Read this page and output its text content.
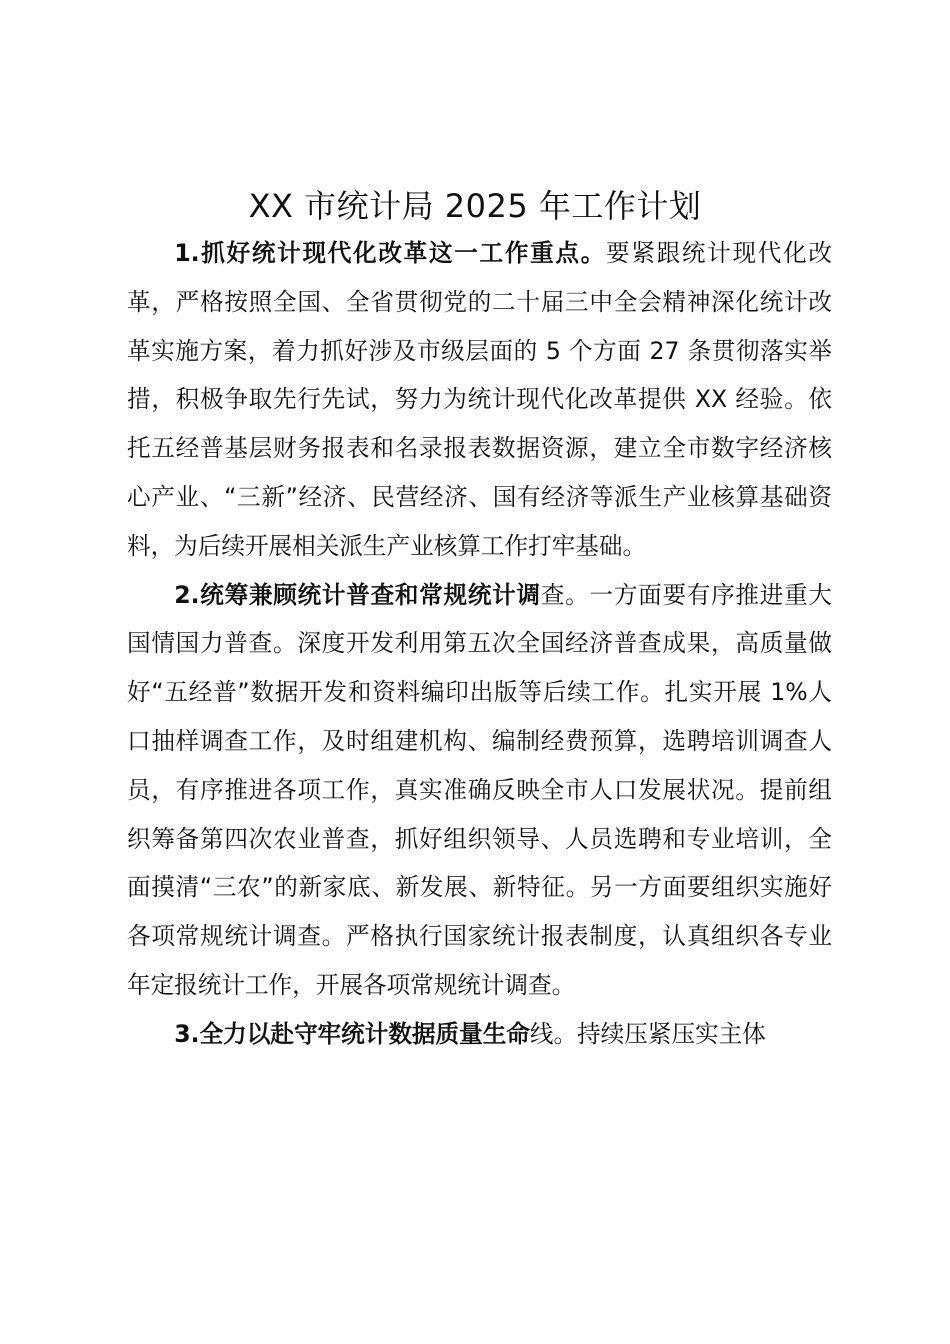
XX 市统计局 2025 年工作计划

1.抓好统计现代化改革这一工作重点。要紧跟统计现代化改革，严格按照全国、全省贯彻党的二十届三中全会精神深化统计改革实施方案，着力抓好涉及市级层面的 5 个方面 27 条贯彻落实举措，积极争取先行先试，努力为统计现代化改革提供 XX 经验。依托五经普基层财务报表和名录报表数据资源，建立全市数字经济核心产业、“三新”经济、民营经济、国有经济等派生产业核算基础资料，为后续开展相关派生产业核算工作打牢基础。

2.统筹兼顾统计普查和常规统计调查。一方面要有序推进重大国情国力普查。深度开发利用第五次全国经济普查成果，高质量做好“五经普”数据开发和资料编印出版等后续工作。扎实开展 1%人口抽样调查工作，及时组建机构、编制经费预算，选聘培训调查人员，有序推进各项工作，真实准确反映全市人口发展状况。提前组织筹备第四次农业普查，抓好组织领导、人员选聘和专业培训，全面摸清“三农”的新家底、新发展、新特征。另一方面要组织实施好各项常规统计调查。严格执行国家统计报表制度，认真组织各专业年定报统计工作，开展各项常规统计调查。

3.全力以赴守牢统计数据质量生命线。持续压紧压实主体
